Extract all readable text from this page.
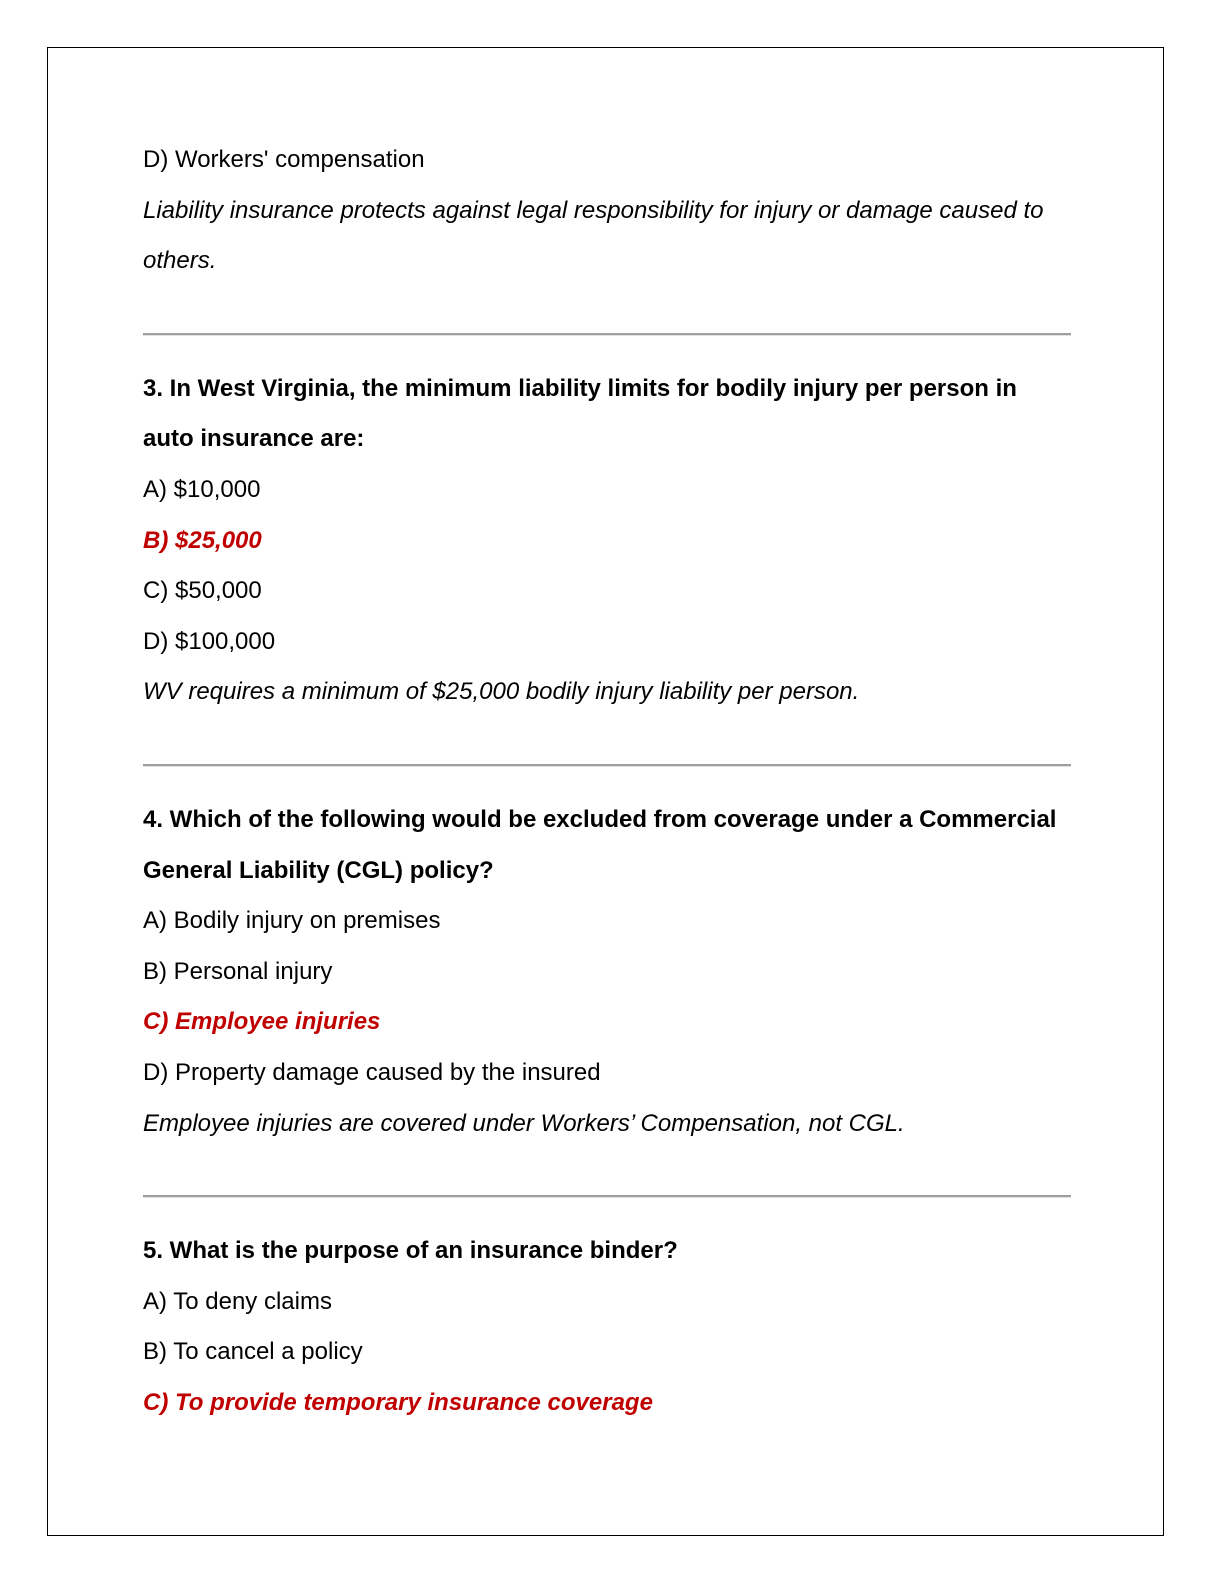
D) Workers' compensation
Liability insurance protects against legal responsibility for injury or damage caused to others.
3. In West Virginia, the minimum liability limits for bodily injury per person in auto insurance are:
A) $10,000
B) $25,000
C) $50,000
D) $100,000
WV requires a minimum of $25,000 bodily injury liability per person.
4. Which of the following would be excluded from coverage under a Commercial General Liability (CGL) policy?
A) Bodily injury on premises
B) Personal injury
C) Employee injuries
D) Property damage caused by the insured
Employee injuries are covered under Workers’ Compensation, not CGL.
5. What is the purpose of an insurance binder?
A) To deny claims
B) To cancel a policy
C) To provide temporary insurance coverage
